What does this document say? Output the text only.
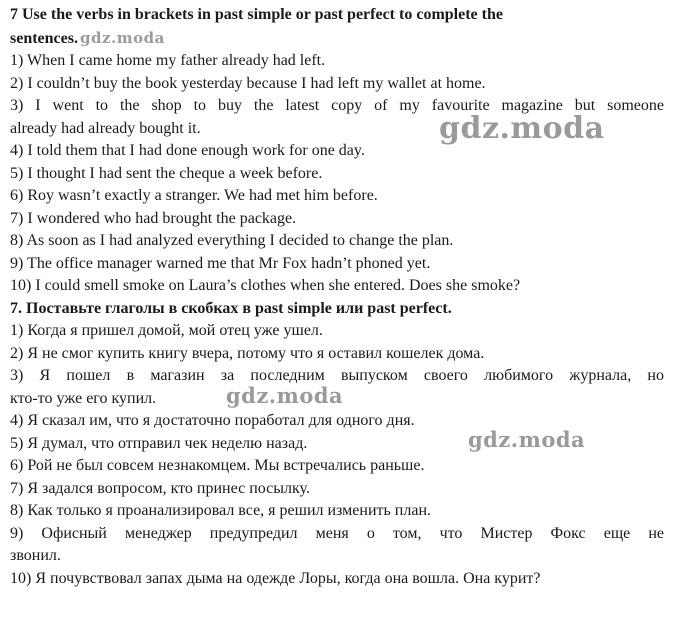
7 Use the verbs in brackets in past simple or past perfect to complete the
sentences. gdz.moda
1) When I came home my father already had left.
2) I couldn’t buy the book yesterday because I had left my wallet at home.
3) I went to the shop to buy the latest copy of my favourite magazine but someone
already had already bought it.
4) I told them that I had done enough work for one day.
5) I thought I had sent the cheque a week before.
6) Roy wasn’t exactly a stranger. We had met him before.
7) I wondered who had brought the package.
8) As soon as I had analyzed everything I decided to change the plan.
9) The office manager warned me that Mr Fox hadn’t phoned yet.
10) I could smell smoke on Laura’s clothes when she entered. Does she smoke?
7. Поставьте глаголы в скобках в past simple или past perfect.
1) Когда я пришел домой, мой отец уже ушел.
2) Я не смог купить книгу вчера, потому что я оставил кошелек дома.
3) Я пошел в магазин за последним выпуском своего любимого журнала, но
кто-то уже его купил.
4) Я сказал им, что я достаточно поработал для одного дня.
5) Я думал, что отправил чек неделю назад.
6) Рой не был совсем незнакомцем. Мы встречались раньше.
7) Я задался вопросом, кто принес посылку.
8) Как только я проанализировал все, я решил изменить план.
9) Офисный менеджер предупредил меня о том, что Мистер Фокс еще не
звонил.
10) Я почувствовал запах дыма на одежде Лоры, когда она вошла. Она курит?
gdz.moda
gdz.moda
gdz.moda
